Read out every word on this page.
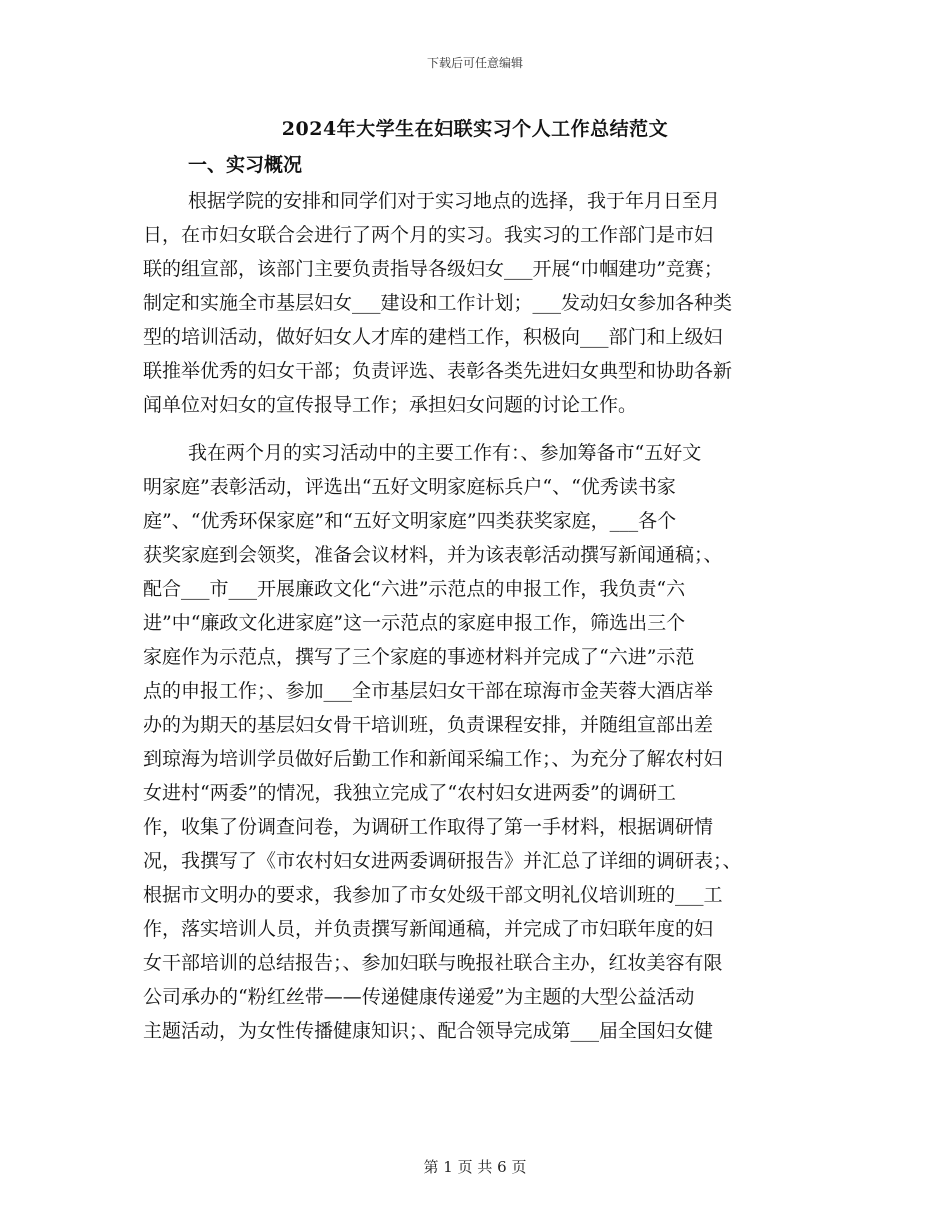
下载后可任意编辑
2024年大学生在妇联实习个人工作总结范文
一、实习概况
根据学院的安排和同学们对于实习地点的选择，我于年月日至月
日，在市妇女联合会进行了两个月的实习。我实习的工作部门是市妇
联的组宣部，该部门主要负责指导各级妇女___开展“巾帼建功”竞赛；
制定和实施全市基层妇女___建设和工作计划；___发动妇女参加各种类
型的培训活动，做好妇女人才库的建档工作，积极向___部门和上级妇
联推举优秀的妇女干部；负责评选、表彰各类先进妇女典型和协助各新
闻单位对妇女的宣传报导工作；承担妇女问题的讨论工作。
我在两个月的实习活动中的主要工作有：、参加筹备市“五好文
明家庭”表彰活动，评选出“五好文明家庭标兵户“、“优秀读书家
庭”、“优秀环保家庭”和“五好文明家庭”四类获奖家庭，___各个
获奖家庭到会领奖，准备会议材料，并为该表彰活动撰写新闻通稿；、
配合___市___开展廉政文化“六进”示范点的申报工作，我负责“六
进”中“廉政文化进家庭”这一示范点的家庭申报工作，筛选出三个
家庭作为示范点，撰写了三个家庭的事迹材料并完成了“六进”示范
点的申报工作；、参加___全市基层妇女干部在琼海市金芙蓉大酒店举
办的为期天的基层妇女骨干培训班，负责课程安排，并随组宣部出差
到琼海为培训学员做好后勤工作和新闻采编工作；、为充分了解农村妇
女进村“两委”的情况，我独立完成了“农村妇女进两委”的调研工
作，收集了份调查问卷，为调研工作取得了第一手材料，根据调研情
况，我撰写了《市农村妇女进两委调研报告》并汇总了详细的调研表；、
根据市文明办的要求，我参加了市女处级干部文明礼仪培训班的___工
作，落实培训人员，并负责撰写新闻通稿，并完成了市妇联年度的妇
女干部培训的总结报告；、参加妇联与晚报社联合主办，红妆美容有限
公司承办的“粉红丝带——传递健康传递爱”为主题的大型公益活动
主题活动，为女性传播健康知识；、配合领导完成第___届全国妇女健
第 1 页 共 6 页
